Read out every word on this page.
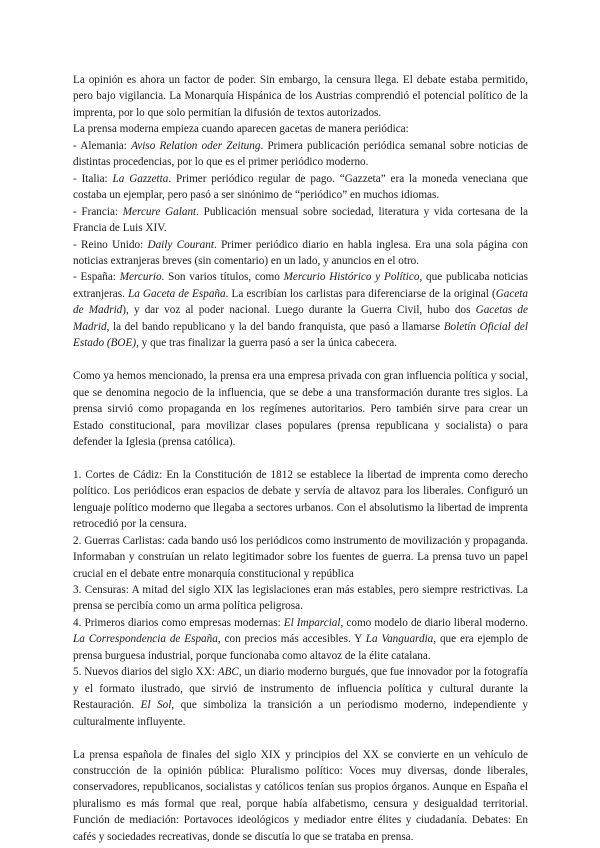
La opinión es ahora un factor de poder. Sin embargo, la censura llega. El debate estaba permitido, pero bajo vigilancia. La Monarquía Hispánica de los Austrias comprendió el potencial político de la imprenta, por lo que solo permitían la difusión de textos autorizados.

La prensa moderna empieza cuando aparecen gacetas de manera periódica:

- Alemania: Aviso Relation oder Zeitung. Primera publicación periódica semanal sobre noticias de distintas procedencias, por lo que es el primer periódico moderno.

- Italia: La Gazzetta. Primer periódico regular de pago. “Gazzeta” era la moneda veneciana que costaba un ejemplar, pero pasó a ser sinónimo de “periódico” en muchos idiomas.

- Francia: Mercure Galant. Publicación mensual sobre sociedad, literatura y vida cortesana de la Francia de Luis XIV.

- Reino Unido: Daily Courant. Primer periódico diario en habla inglesa. Era una sola página con noticias extranjeras breves (sin comentario) en un lado, y anuncios en el otro.

- España: Mercurio. Son varios títulos, como Mercurio Histórico y Político, que publicaba noticias extranjeras. La Gaceta de España. La escribían los carlistas para diferenciarse de la original (Gaceta de Madrid), y dar voz al poder nacional. Luego durante la Guerra Civil, hubo dos Gacetas de Madrid, la del bando republicano y la del bando franquista, que pasó a llamarse Boletín Oficial del Estado (BOE), y que tras finalizar la guerra pasó a ser la única cabecera.

Como ya hemos mencionado, la prensa era una empresa privada con gran influencia política y social, que se denomina negocio de la influencia, que se debe a una transformación durante tres siglos. La prensa sirvió como propaganda en los regímenes autoritarios. Pero también sirve para crear un Estado constitucional, para movilizar clases populares (prensa republicana y socialista) o para defender la Iglesia (prensa católica).

1. Cortes de Cádiz: En la Constitución de 1812 se establece la libertad de imprenta como derecho político. Los periódicos eran espacios de debate y servía de altavoz para los liberales. Configuró un lenguaje político moderno que llegaba a sectores urbanos. Con el absolutismo la libertad de imprenta retrocedió por la censura.

2. Guerras Carlistas: cada bando usó los periódicos como instrumento de movilización y propaganda. Informaban y construían un relato legitimador sobre los fuentes de guerra. La prensa tuvo un papel crucial en el debate entre monarquía constitucional y república

3. Censuras: A mitad del siglo XIX las legislaciones eran más estables, pero siempre restrictivas. La prensa se percibía como un arma política peligrosa.

4. Primeros diarios como empresas modernas: El Imparcial, como modelo de diario liberal moderno. La Correspondencia de España, con precios más accesibles. Y La Vanguardia, que era ejemplo de prensa burguesa industrial, porque funcionaba como altavoz de la élite catalana.

5. Nuevos diarios del siglo XX: ABC, un diario moderno burgués, que fue innovador por la fotografía y el formato ilustrado, que sirvió de instrumento de influencia política y cultural durante la Restauración. El Sol, que simboliza la transición a un periodismo moderno, independiente y culturalmente influyente.

La prensa española de finales del siglo XIX y principios del XX se convierte en un vehículo de construcción de la opinión pública: Pluralismo político: Voces muy diversas, donde liberales, conservadores, republicanos, socialistas y católicos tenían sus propios órganos. Aunque en España el pluralismo es más formal que real, porque había alfabetismo, censura y desigualdad territorial. Función de mediación: Portavoces ideológicos y mediador entre élites y ciudadanía. Debates: En cafés y sociedades recreativas, donde se discutía lo que se trataba en prensa.
